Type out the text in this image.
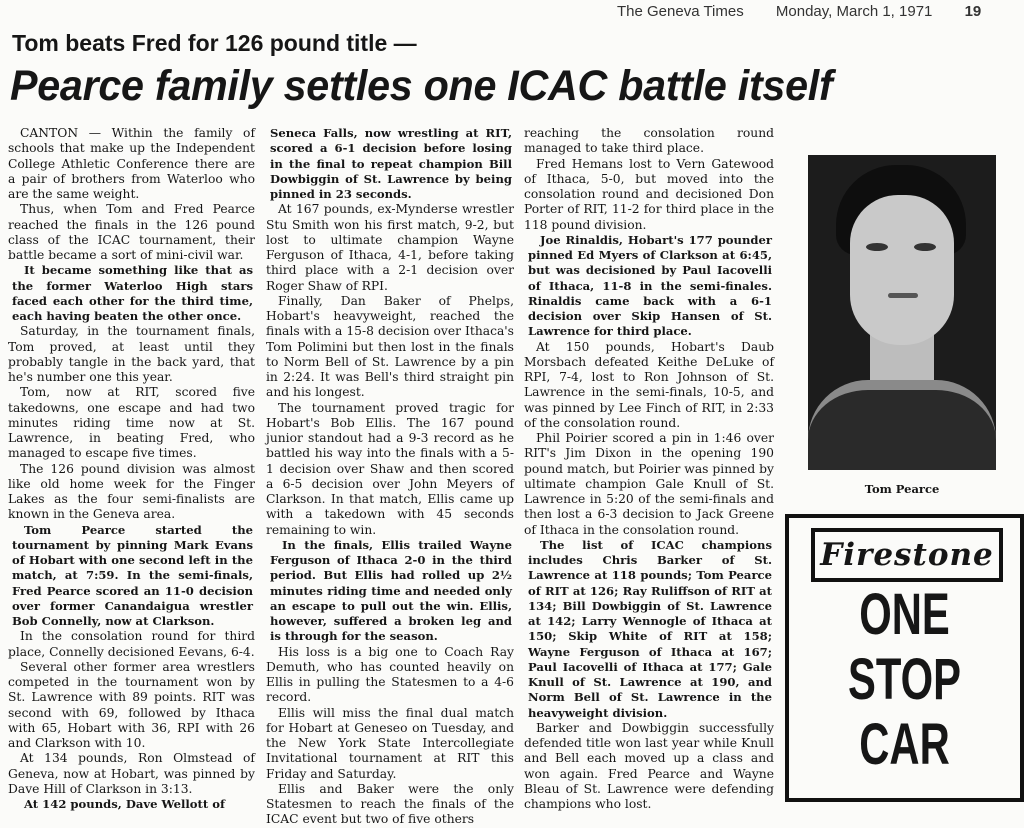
The Geneva Times Monday, March 1, 1971 19
Tom beats Fred for 126 pound title —
Pearce family settles one ICAC battle itself

CANTON — Within the family of schools that make up the Independent College Athletic Conference there are a pair of brothers from Waterloo who are the same weight.

Thus, when Tom and Fred Pearce reached the finals in the 126 pound class of the ICAC tournament, their battle became a sort of mini-civil war.

It became something like that as the former Waterloo High stars faced each other for the third time, each having beaten the other once.

Saturday, in the tournament finals, Tom proved, at least until they probably tangle in the back yard, that he's number one this year.

Tom, now at RIT, scored five takedowns, one escape and had two minutes riding time now at St. Lawrence, in beating Fred, who managed to escape five times.

The 126 pound division was almost like old home week for the Finger Lakes as the four semi-finalists are known in the Geneva area.

Tom Pearce started the tournament by pinning Mark Evans of Hobart with one second left in the match, at 7:59. In the semi-finals, Fred Pearce scored an 11-0 decision over former Canandaigua wrestler Bob Connelly, now at Clarkson.

In the consolation round for third place, Connelly decisioned Eevans, 6-4.

Several other former area wrestlers competed in the tournament won by St. Lawrence with 89 points. RIT was second with 69, followed by Ithaca with 65, Hobart with 36, RPI with 26 and Clarkson with 10.

At 134 pounds, Ron Olmstead of Geneva, now at Hobart, was pinned by Dave Hill of Clarkson in 3:13.

At 142 pounds, Dave Wellott of

Seneca Falls, now wrestling at RIT, scored a 6-1 decision before losing in the final to repeat champion Bill Dowbiggin of St. Lawrence by being pinned in 23 seconds.

At 167 pounds, ex-Mynderse wrestler Stu Smith won his first match, 9-2, but lost to ultimate champion Wayne Ferguson of Ithaca, 4-1, before taking third place with a 2-1 decision over Roger Shaw of RPI.

Finally, Dan Baker of Phelps, Hobart's heavyweight, reached the finals with a 15-8 decision over Ithaca's Tom Polimini but then lost in the finals to Norm Bell of St. Lawrence by a pin in 2:24. It was Bell's third straight pin and his longest.

The tournament proved tragic for Hobart's Bob Ellis. The 167 pound junior standout had a 9-3 record as he battled his way into the finals with a 5-1 decision over Shaw and then scored a 6-5 decision over John Meyers of Clarkson. In that match, Ellis came up with a takedown with 45 seconds remaining to win.

In the finals, Ellis trailed Wayne Ferguson of Ithaca 2-0 in the third period. But Ellis had rolled up 2½ minutes riding time and needed only an escape to pull out the win. Ellis, however, suffered a broken leg and is through for the season.

His loss is a big one to Coach Ray Demuth, who has counted heavily on Ellis in pulling the Statesmen to a 4-6 record.

Ellis will miss the final dual match for Hobart at Geneseo on Tuesday, and the New York State Intercollegiate Invitational tournament at RIT this Friday and Saturday.

Ellis and Baker were the only Statesmen to reach the finals of the ICAC event but two of five others

reaching the consolation round managed to take third place.

Fred Hemans lost to Vern Gatewood of Ithaca, 5-0, but moved into the consolation round and decisioned Don Porter of RIT, 11-2 for third place in the 118 pound division.

Joe Rinaldis, Hobart's 177 pounder pinned Ed Myers of Clarkson at 6:45, but was decisioned by Paul Iacovelli of Ithaca, 11-8 in the semi-finales. Rinaldis came back with a 6-1 decision over Skip Hansen of St. Lawrence for third place.

At 150 pounds, Hobart's Daub Morsbach defeated Keithe DeLuke of RPI, 7-4, lost to Ron Johnson of St. Lawrence in the semi-finals, 10-5, and was pinned by Lee Finch of RIT, in 2:33 of the consolation round.

Phil Poirier scored a pin in 1:46 over RIT's Jim Dixon in the opening 190 pound match, but Poirier was pinned by ultimate champion Gale Knull of St. Lawrence in 5:20 of the semi-finals and then lost a 6-3 decision to Jack Greene of Ithaca in the consolation round.

The list of ICAC champions includes Chris Barker of St. Lawrence at 118 pounds; Tom Pearce of RIT at 126; Ray Ruliffson of RIT at 134; Bill Dowbiggin of St. Lawrence at 142; Larry Wennogle of Ithaca at 150; Skip White of RIT at 158; Wayne Ferguson of Ithaca at 167; Paul Iacovelli of Ithaca at 177; Gale Knull of St. Lawrence at 190, and Norm Bell of St. Lawrence in the heavyweight division.

Barker and Dowbiggin successfully defended title won last year while Knull and Bell each moved up a class and won again. Fred Pearce and Wayne Bleau of St. Lawrence were defending champions who lost.

Tom Pearce
Firestone
ONE
STOP
CAR
